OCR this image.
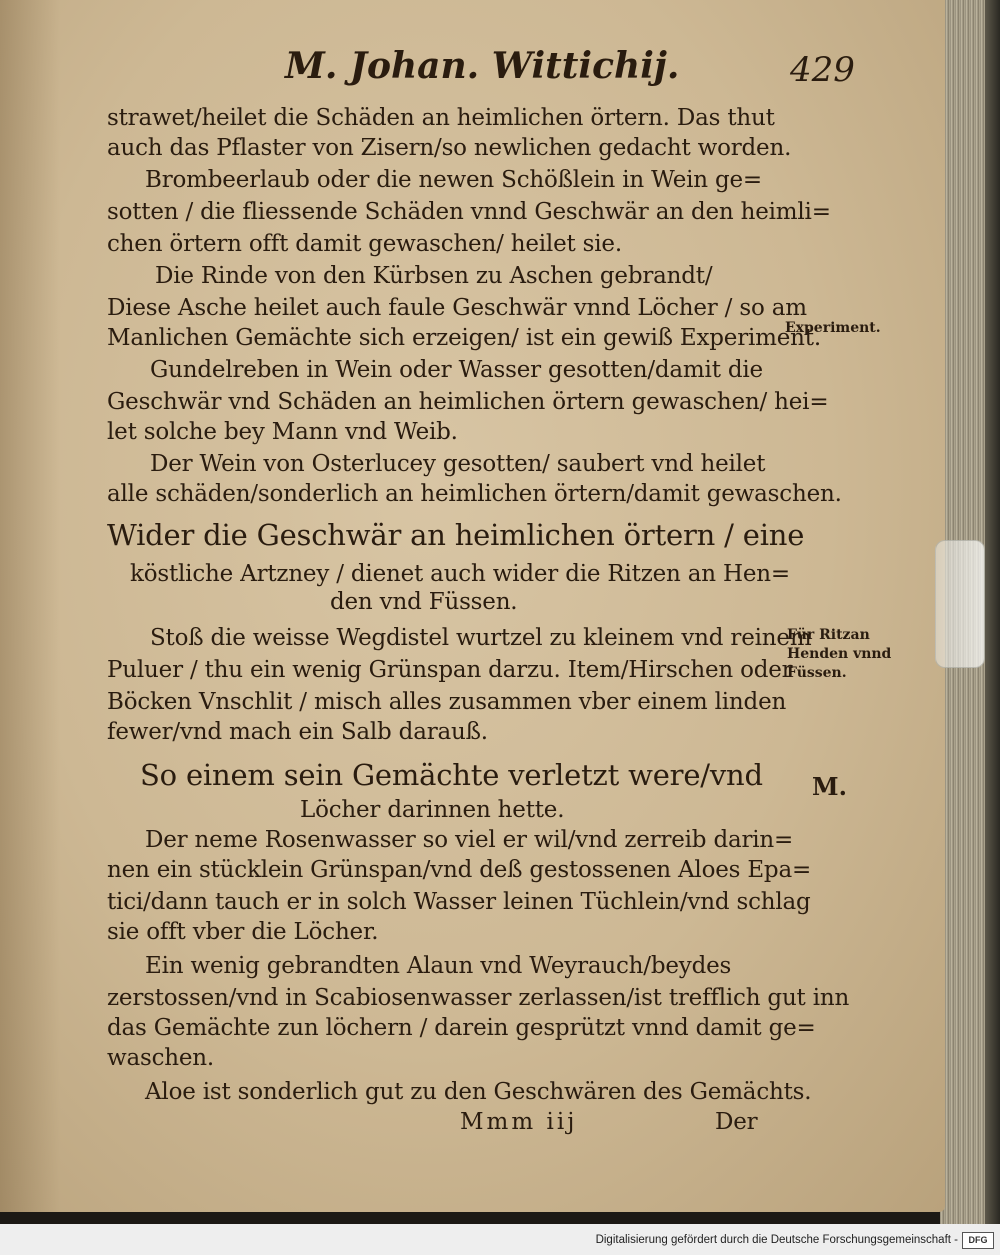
M. Johan. Wittichij.	429
strawet/heilet die Schäden an heimlichen örtern. Das thut
auch das Pflaster von Zisern/so newlichen gedacht worden.
Brombeerlaub oder die newen Schößlein in Wein ge=
sotten / die fliessende Schäden vnnd Geschwär an den heimli=
chen örtern offt damit gewaschen/ heilet sie.
Die Rinde von den Kürbsen zu Aschen gebrandt/
Diese Asche heilet auch faule Geschwär vnnd Löcher / so am
Manlichen Gemächte sich erzeigen/ ist ein gewiß Experiment.
Gundelreben in Wein oder Wasser gesotten/damit die
Geschwär vnd Schäden an heimlichen örtern gewaschen/ hei=
let solche bey Mann vnd Weib.
Der Wein von Osterlucey gesotten/ saubert vnd heilet
alle schäden/sonderlich an heimlichen örtern/damit gewaschen.
Wider die Geschwär an heimlichen örtern / eine
köstliche Artzney / dienet auch wider die Ritzen an Hen=
den vnd Füssen.
Stoß die weisse Wegdistel wurtzel zu kleinem vnd reinem
Puluer / thu ein wenig Grünspan darzu. Item/Hirschen oder
Böcken Vnschlit / misch alles zusammen vber einem linden
fewer/vnd mach ein Salb darauß.
So einem sein Gemächte verletzt were/vnd
Löcher darinnen hette.
Der neme Rosenwasser so viel er wil/vnd zerreib darin=
nen ein stücklein Grünspan/vnd deß gestossenen Aloes Epa=
tici/dann tauch er in solch Wasser leinen Tüchlein/vnd schlag
sie offt vber die Löcher.
Ein wenig gebrandten Alaun vnd Weyrauch/beydes
zerstossen/vnd in Scabiosenwasser zerlassen/ist trefflich gut inn
das Gemächte zun löchern / darein gesprützt vnnd damit ge=
waschen.
Aloe ist sonderlich gut zu den Geschwären des Gemächts.
Mmm iij	Der
Experiment.
Für Ritzan
Henden vnnd
Füssen.
M.
Digitalisierung gefördert durch die Deutsche Forschungsgemeinschaft -	DFG
